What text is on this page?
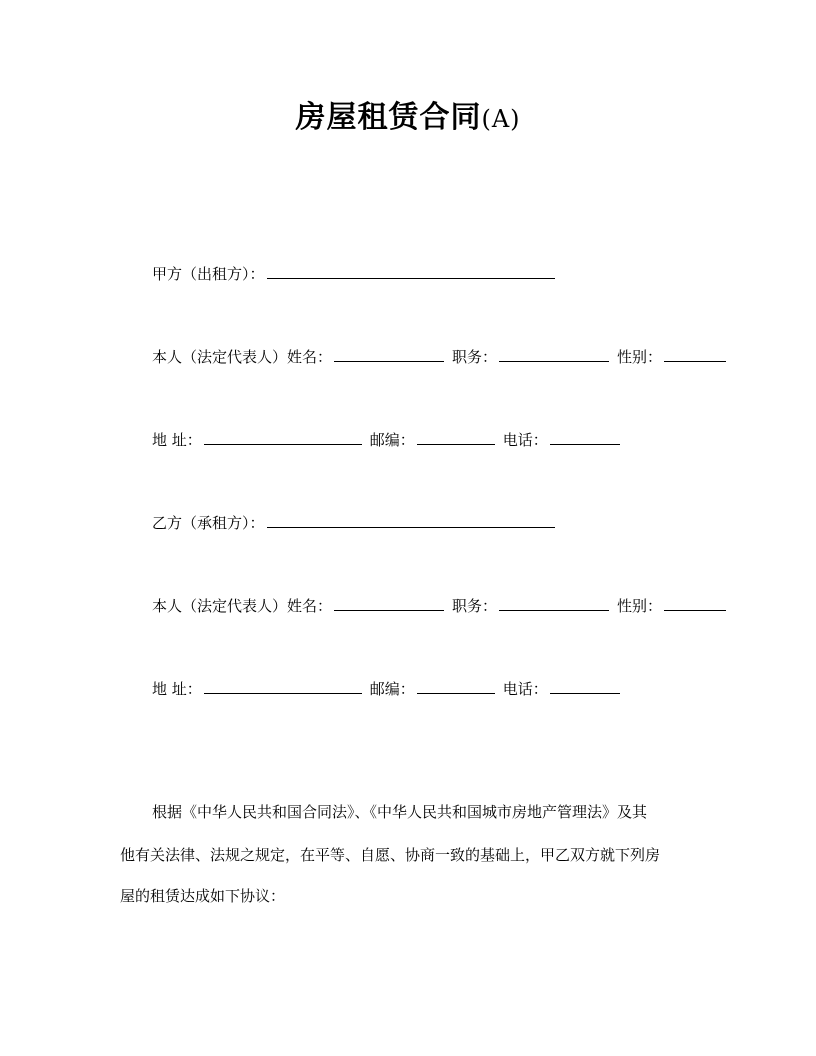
房屋租赁合同(A)
甲方（出租方）：
本人（法定代表人）姓名：	职务：	性别：
地 址：	邮编：	电话：
乙方（承租方）：
本人（法定代表人）姓名：	职务：	性别：
地 址：	邮编：	电话：
根据《中华人民共和国合同法》、《中华人民共和国城市房地产管理法》及其
他有关法律、法规之规定，在平等、自愿、协商一致的基础上，甲乙双方就下列房
屋的租赁达成如下协议：
